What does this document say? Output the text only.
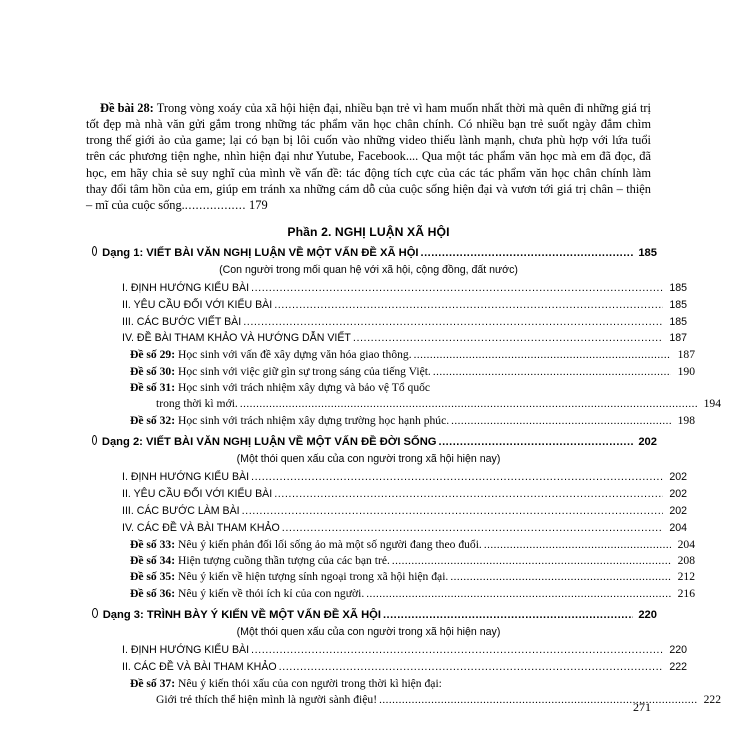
Đề bài 28: Trong vòng xoáy của xã hội hiện đại, nhiều bạn trẻ vì ham muốn nhất thời mà quên đi những giá trị tốt đẹp mà nhà văn gửi gắm trong những tác phẩm văn học chân chính. Có nhiều bạn trẻ suốt ngày đắm chìm trong thế giới ảo của game; lại có bạn bị lôi cuốn vào những video thiếu lành mạnh, chưa phù hợp với lứa tuổi trên các phương tiện nghe, nhìn hiện đại như Yutube, Facebook.... Qua một tác phẩm văn học mà em đã đọc, đã học, em hãy chia sẻ suy nghĩ của mình về vấn đề: tác động tích cực của các tác phẩm văn học chân chính làm thay đổi tâm hồn của em, giúp em tránh xa những cám dỗ của cuộc sống hiện đại và vươn tới giá trị chân – thiện – mĩ của cuộc sống.................. 179

Phần 2. NGHỊ LUẬN XÃ HỘI
Dạng 1: VIẾT BÀI VĂN NGHỊ LUẬN VỀ MỘT VẤN ĐỀ XÃ HỘI .....	185
(Con người trong mối quan hệ với xã hội, cộng đồng, đất nước)
I. ĐỊNH HƯỚNG KIỂU BÀI .....	185
II. YÊU CẦU ĐỐI VỚI KIỂU BÀI .....	185
III. CÁC BƯỚC VIẾT BÀI .....	185
IV. ĐỀ BÀI THAM KHẢO VÀ HƯỚNG DẪN VIẾT .....	187
Đề số 29: Học sinh với vấn đề xây dựng văn hóa giao thông. .....	187
Đề số 30: Học sinh với việc giữ gìn sự trong sáng của tiếng Việt. .....	190
Đề số 31: Học sinh với trách nhiệm xây dựng và bảo vệ Tổ quốc
trong thời kì mới. .....	194
Đề số 32: Học sinh với trách nhiệm xây dựng trường học hạnh phúc. .....	198
Dạng 2: VIẾT BÀI VĂN NGHỊ LUẬN VỀ MỘT VẤN ĐỀ ĐỜI SỐNG .....	202
(Một thói quen xấu của con người trong xã hội hiện nay)
I. ĐỊNH HƯỚNG KIỂU BÀI .....	202
II. YÊU CẦU ĐỐI VỚI KIỂU BÀI .....	202
III. CÁC BƯỚC LÀM BÀI .....	202
IV. CÁC ĐỀ VÀ BÀI THAM KHẢO .....	204
Đề số 33: Nêu ý kiến phản đối lối sống ảo mà một số người đang theo đuổi. .....	204
Đề số 34: Hiện tượng cuồng thần tượng của các bạn trẻ. .....	208
Đề số 35: Nêu ý kiến về hiện tượng sính ngoại trong xã hội hiện đại. .....	212
Đề số 36: Nêu ý kiến về thói ích kỉ của con người. .....	216
Dạng 3: TRÌNH BÀY Ý KIẾN VỀ MỘT VẤN ĐỀ XÃ HỘI .....	220
(Một thói quen xấu của con người trong xã hội hiện nay)
I. ĐỊNH HƯỚNG KIỂU BÀI .....	220
II. CÁC ĐỀ VÀ BÀI THAM KHẢO .....	222
Đề số 37: Nêu ý kiến thói xấu của con người trong thời kì hiện đại:
Giới trẻ thích thể hiện mình là người sành điệu! .....	222
271
